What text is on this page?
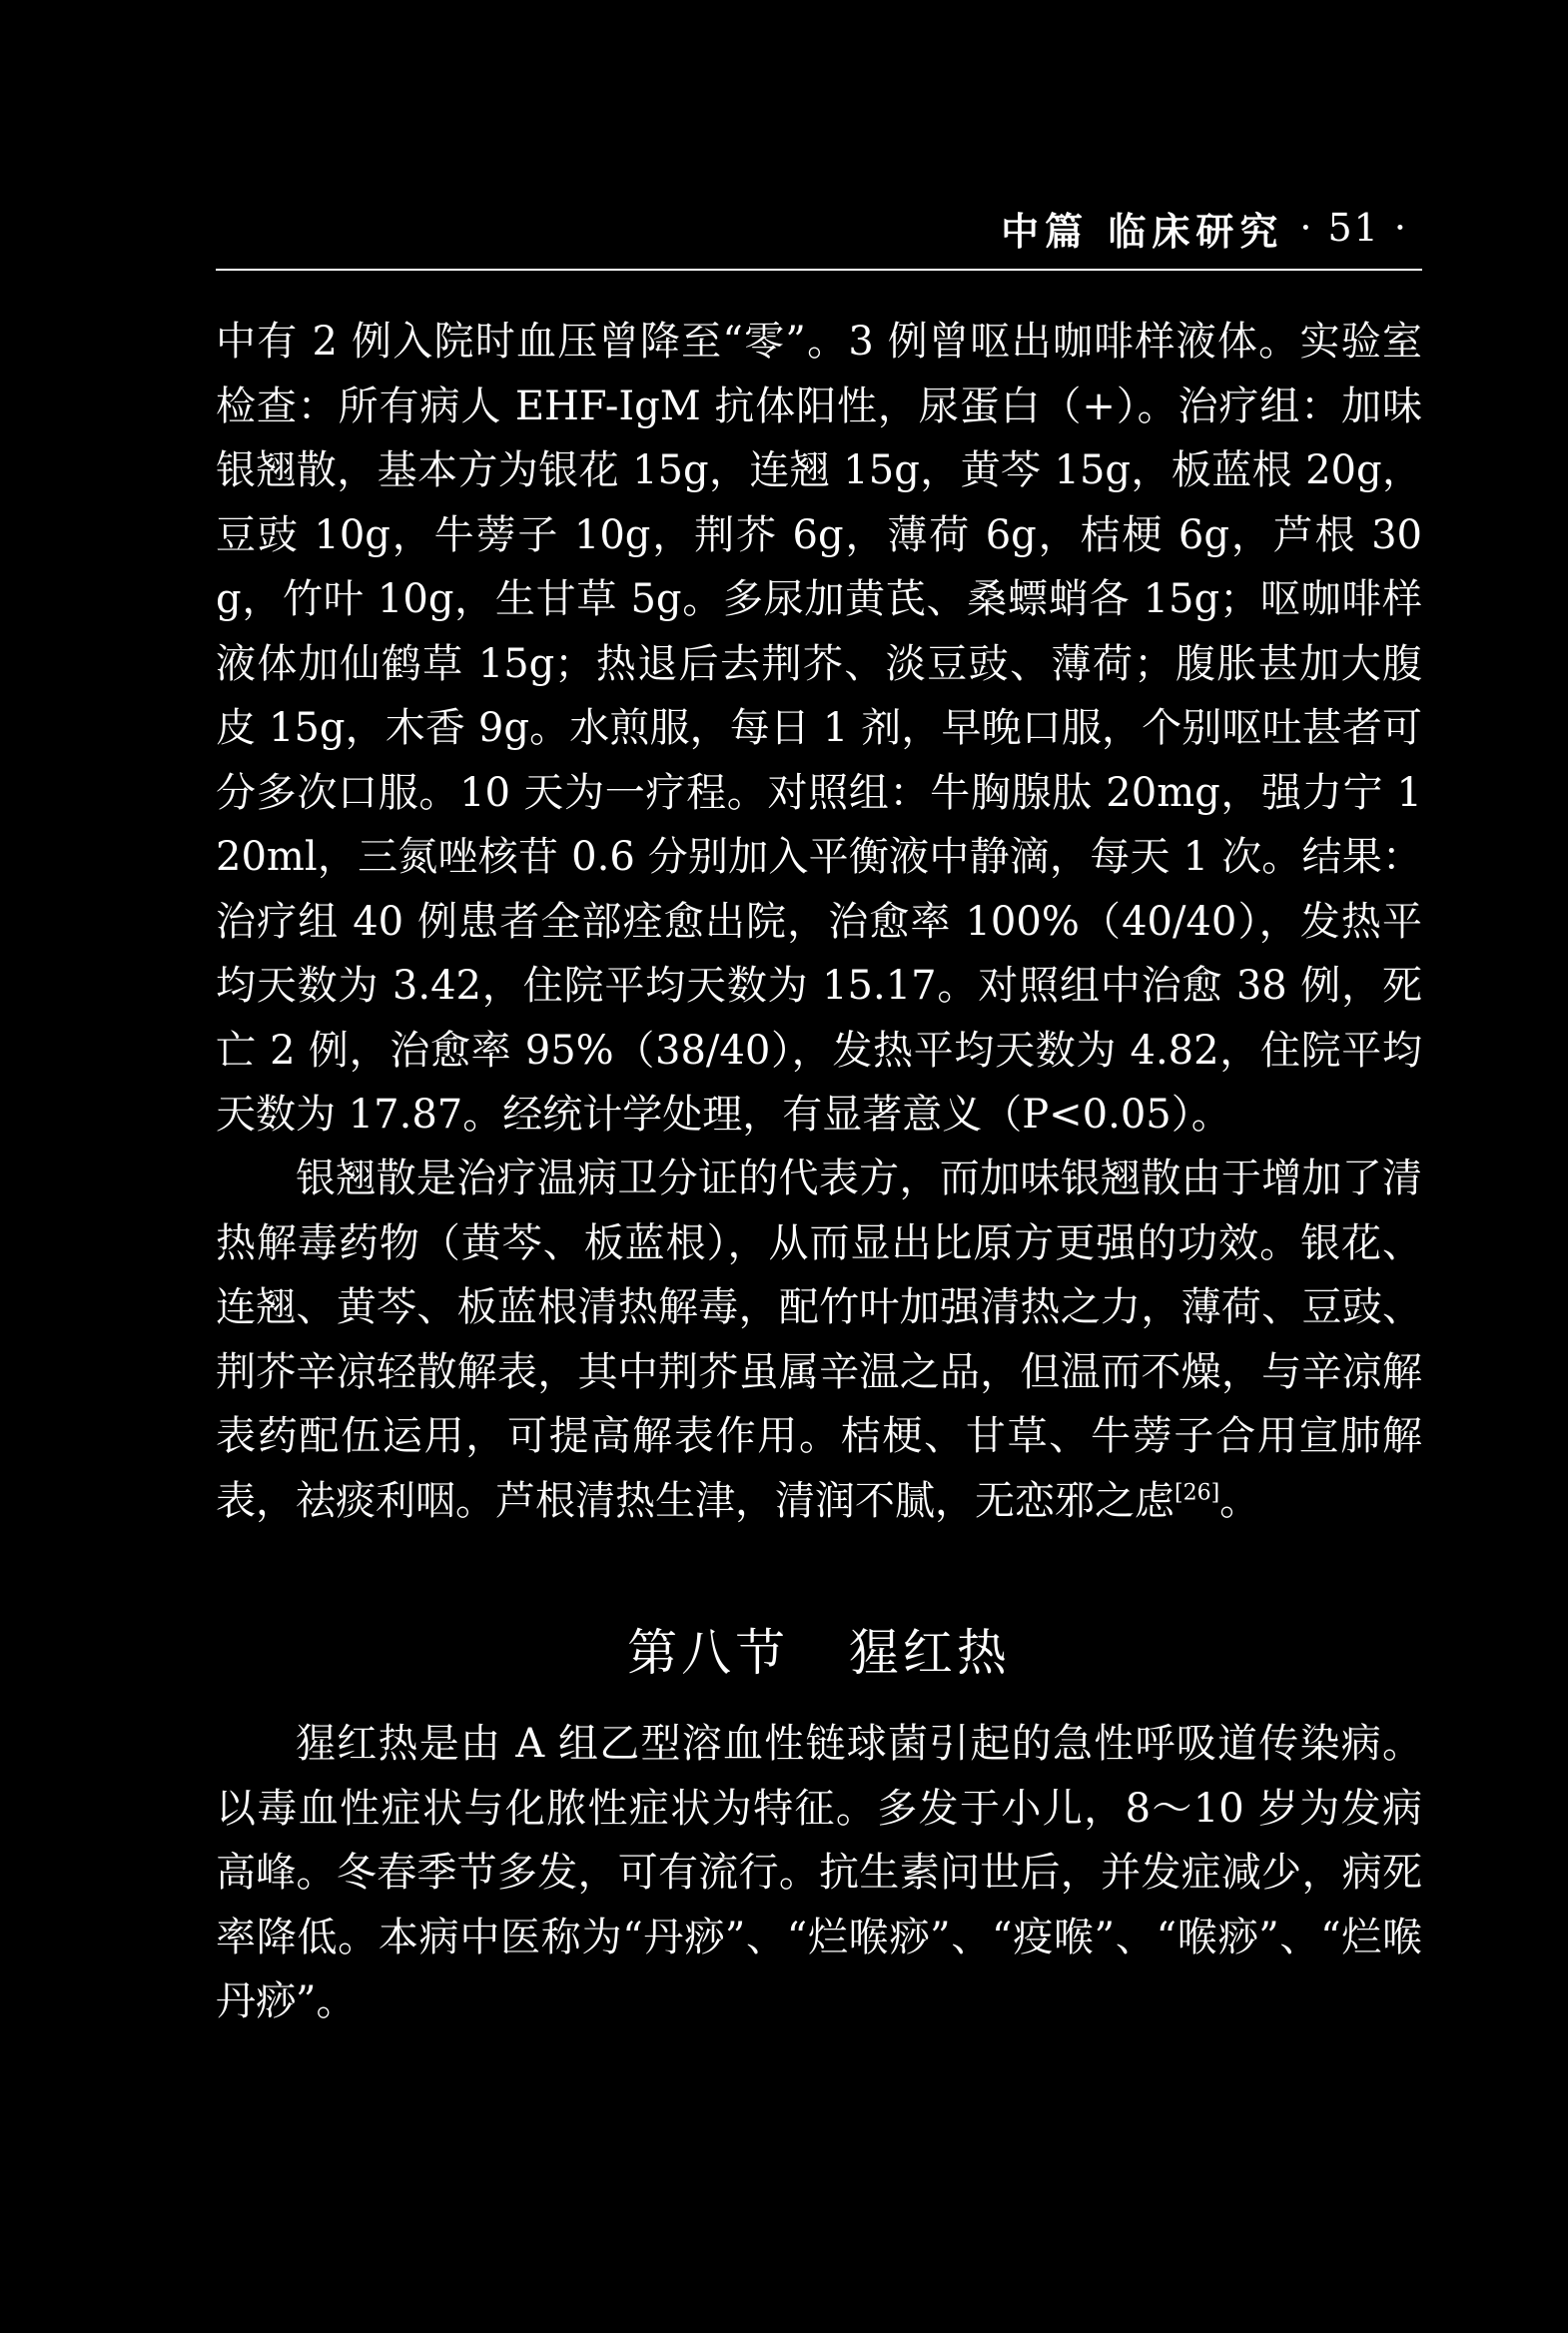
中篇 临床研究 · 51 ·

中有 2 例入院时血压曾降至“零”。3 例曾呕出咖啡样液体。实验室检查：所有病人 EHF-IgM 抗体阳性，尿蛋白（+）。治疗组：加味银翘散，基本方为银花 15g，连翘 15g，黄芩 15g，板蓝根 20g，豆豉 10g，牛蒡子 10g，荆芥 6g，薄荷 6g，桔梗 6g，芦根 30g，竹叶 10g，生甘草 5g。多尿加黄芪、桑螵蛸各 15g；呕咖啡样液体加仙鹤草 15g；热退后去荆芥、淡豆豉、薄荷；腹胀甚加大腹皮 15g，木香 9g。水煎服，每日 1 剂，早晚口服，个别呕吐甚者可分多次口服。10 天为一疗程。对照组：牛胸腺肽 20mg，强力宁 120ml，三氮唑核苷 0.6 分别加入平衡液中静滴，每天 1 次。结果：治疗组 40 例患者全部痊愈出院，治愈率 100%（40/40），发热平均天数为 3.42，住院平均天数为 15.17。对照组中治愈 38 例，死亡 2 例，治愈率 95%（38/40），发热平均天数为 4.82，住院平均天数为 17.87。经统计学处理，有显著意义（P<0.05）。

银翘散是治疗温病卫分证的代表方，而加味银翘散由于增加了清热解毒药物（黄芩、板蓝根），从而显出比原方更强的功效。银花、连翘、黄芩、板蓝根清热解毒，配竹叶加强清热之力，薄荷、豆豉、荆芥辛凉轻散解表，其中荆芥虽属辛温之品，但温而不燥，与辛凉解表药配伍运用，可提高解表作用。桔梗、甘草、牛蒡子合用宣肺解表，祛痰利咽。芦根清热生津，清润不腻，无恋邪之虑[26]。

第八节   猩红热

猩红热是由 A 组乙型溶血性链球菌引起的急性呼吸道传染病。以毒血性症状与化脓性症状为特征。多发于小儿，8～10 岁为发病高峰。冬春季节多发，可有流行。抗生素问世后，并发症减少，病死率降低。本病中医称为“丹痧”、“烂喉痧”、“疫喉”、“喉痧”、“烂喉丹痧”。
